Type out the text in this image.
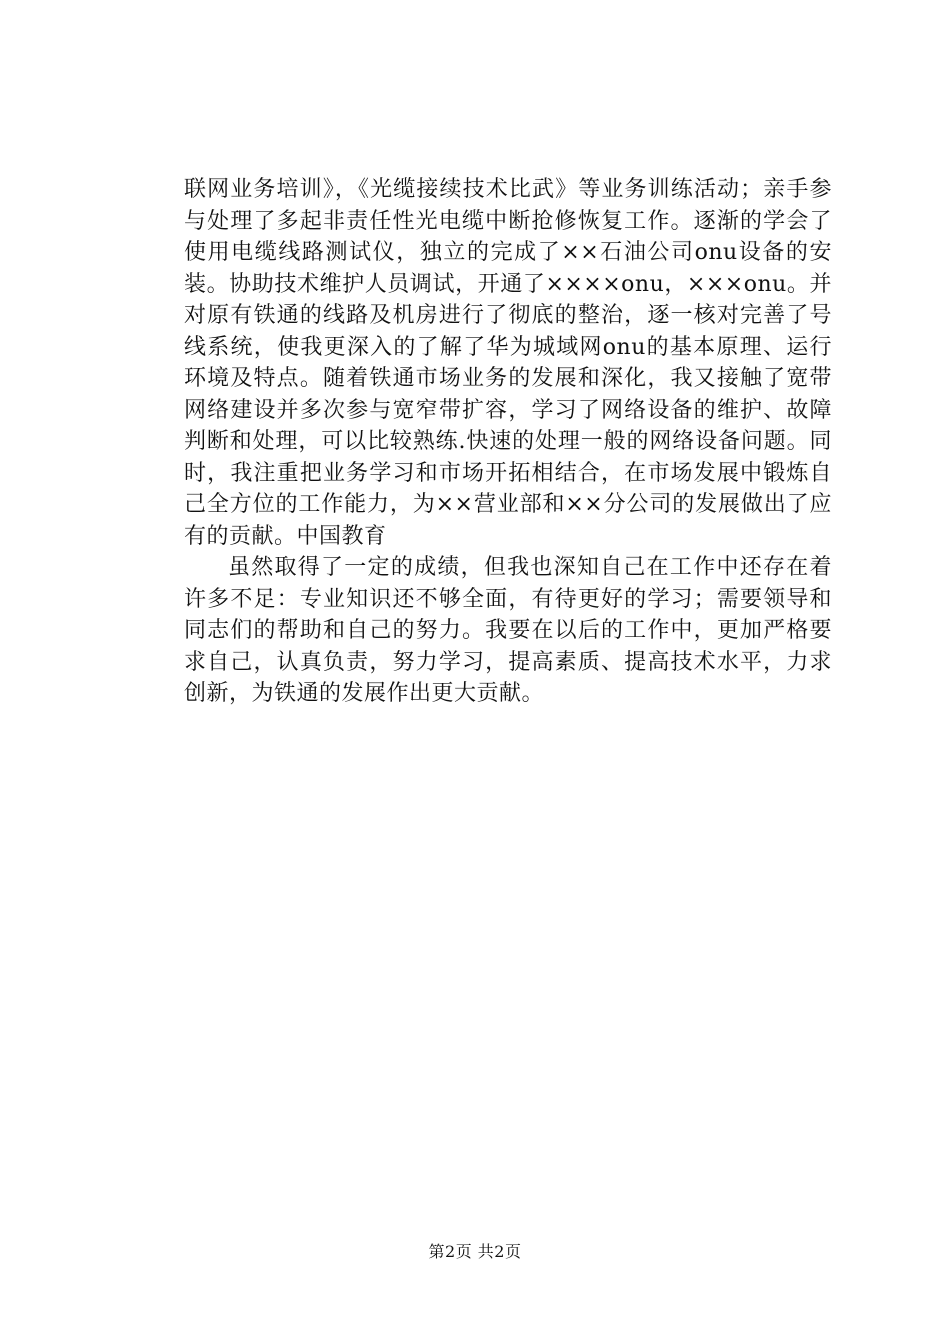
联网业务培训》，《光缆接续技术比武》等业务训练活动；亲手参与处理了多起非责任性光电缆中断抢修恢复工作。逐渐的学会了使用电缆线路测试仪，独立的完成了××石油公司onu设备的安装。协助技术维护人员调试，开通了××××onu，×××onu。并对原有铁通的线路及机房进行了彻底的整治，逐一核对完善了号线系统，使我更深入的了解了华为城域网onu的基本原理、运行环境及特点。随着铁通市场业务的发展和深化，我又接触了宽带网络建设并多次参与宽窄带扩容，学习了网络设备的维护、故障判断和处理，可以比较熟练.快速的处理一般的网络设备问题。同时，我注重把业务学习和市场开拓相结合，在市场发展中锻炼自己全方位的工作能力，为××营业部和××分公司的发展做出了应有的贡献。中国教育

虽然取得了一定的成绩，但我也深知自己在工作中还存在着许多不足：专业知识还不够全面，有待更好的学习；需要领导和同志们的帮助和自己的努力。我要在以后的工作中，更加严格要求自己，认真负责，努力学习，提高素质、提高技术水平，力求创新，为铁通的发展作出更大贡献。

第2页 共2页
